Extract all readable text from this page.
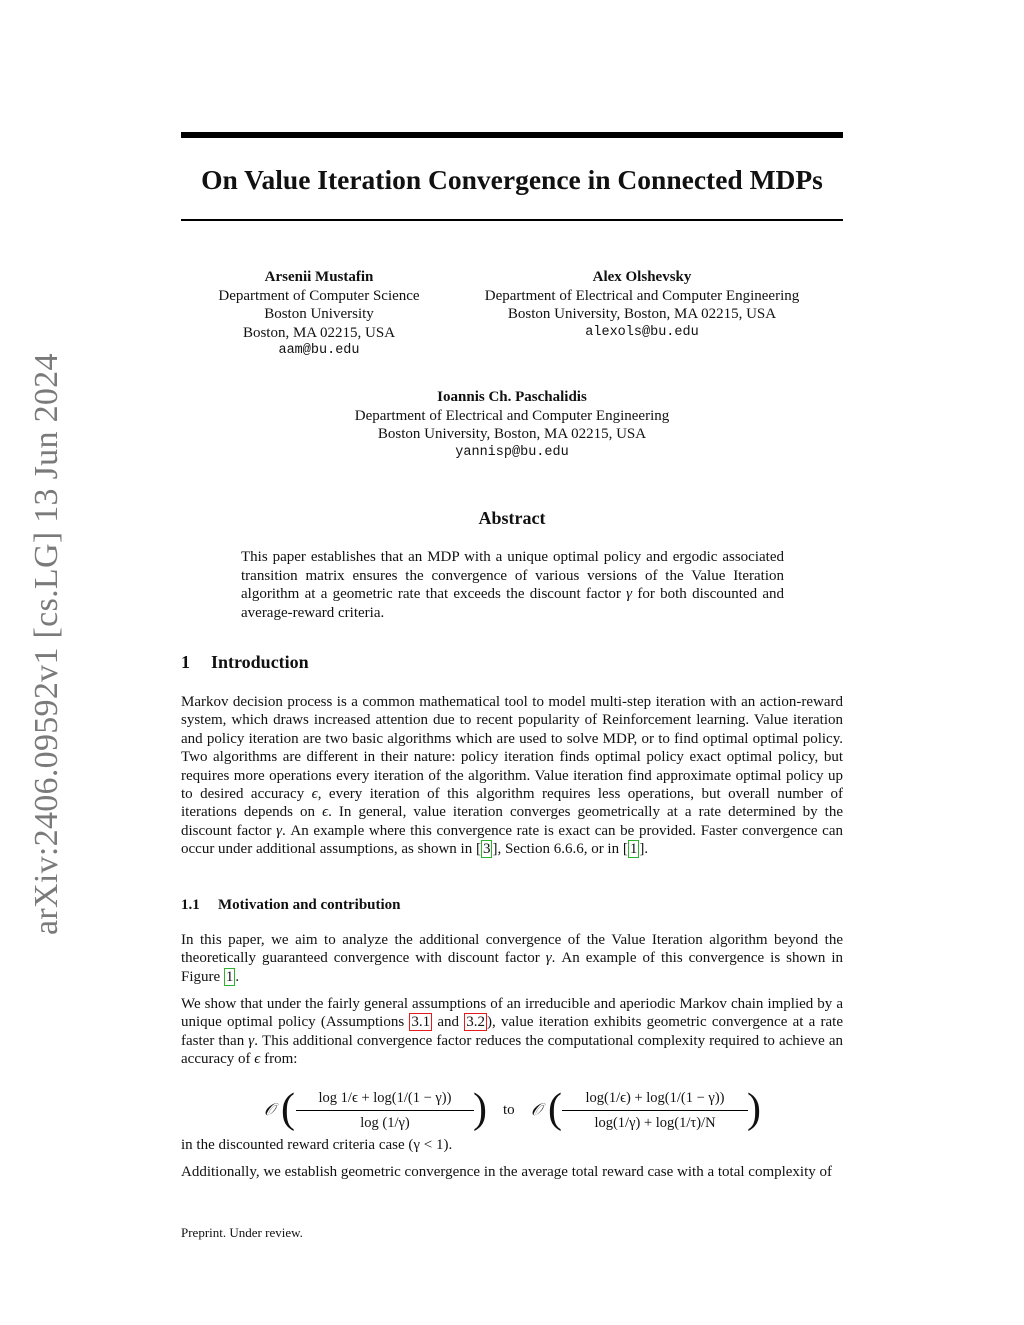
arXiv:2406.09592v1 [cs.LG] 13 Jun 2024
On Value Iteration Convergence in Connected MDPs
Arsenii Mustafin
Department of Computer Science
Boston University
Boston, MA 02215, USA
aam@bu.edu
Alex Olshevsky
Department of Electrical and Computer Engineering
Boston University, Boston, MA 02215, USA
alexols@bu.edu
Ioannis Ch. Paschalidis
Department of Electrical and Computer Engineering
Boston University, Boston, MA 02215, USA
yannisp@bu.edu
Abstract
This paper establishes that an MDP with a unique optimal policy and ergodic associated transition matrix ensures the convergence of various versions of the Value Iteration algorithm at a geometric rate that exceeds the discount factor γ for both discounted and average-reward criteria.
1 Introduction
Markov decision process is a common mathematical tool to model multi-step iteration with an action-reward system, which draws increased attention due to recent popularity of Reinforcement learning. Value iteration and policy iteration are two basic algorithms which are used to solve MDP, or to find optimal optimal policy. Two algorithms are different in their nature: policy iteration finds optimal policy exact optimal policy, but requires more operations every iteration of the algorithm. Value iteration find approximate optimal policy up to desired accuracy ϵ, every iteration of this algorithm requires less operations, but overall number of iterations depends on ϵ. In general, value iteration converges geometrically at a rate determined by the discount factor γ. An example where this convergence rate is exact can be provided. Faster convergence can occur under additional assumptions, as shown in [ 3 ], Section 6.6.6, or in [ 1 ].
1.1 Motivation and contribution
In this paper, we aim to analyze the additional convergence of the Value Iteration algorithm beyond the theoretically guaranteed convergence with discount factor γ. An example of this convergence is shown in Figure 1 .
We show that under the fairly general assumptions of an irreducible and aperiodic Markov chain implied by a unique optimal policy (Assumptions 3.1 and 3.2 ), value iteration exhibits geometric convergence at a rate faster than γ. This additional convergence factor reduces the computational complexity required to achieve an accuracy of ϵ from:
𝒪 ( $\frac{\log 1/\epsilon + \log(1/(1 - \gamma))}{\log (1/\gamma)}$ ) to 𝒪 ( $\frac{\log(1/\epsilon) + \log(1/(1 - \gamma))}{\log(1/\gamma) + \log(1/\tau)/N}$ )
in the discounted reward criteria case (γ < 1).
Additionally, we establish geometric convergence in the average total reward case with a total complexity of
Preprint. Under review.
